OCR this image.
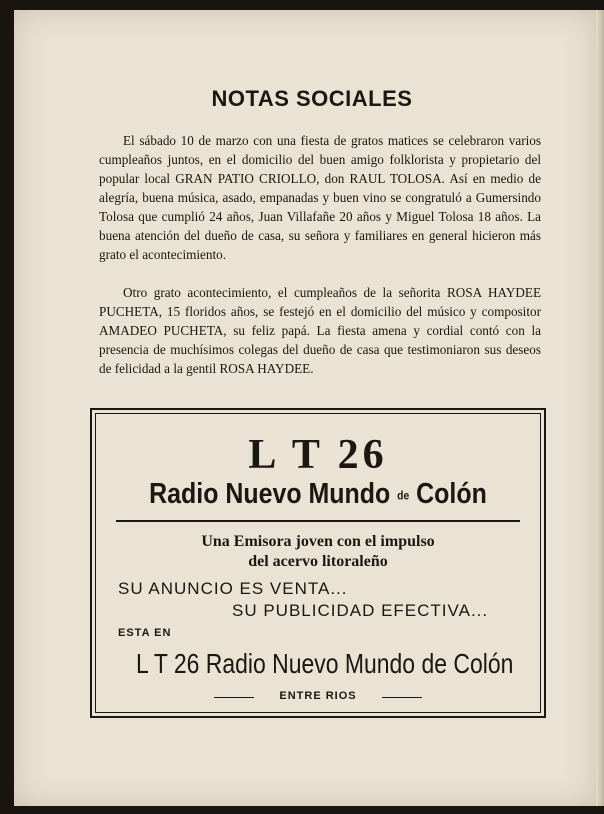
NOTAS SOCIALES

El sábado 10 de marzo con una fiesta de gratos matices se celebraron varios cumpleaños juntos, en el domicilio del buen amigo folklorista y propietario del popular local GRAN PATIO CRIOLLO, don RAUL TOLOSA. Así en medio de alegría, buena música, asado, empanadas y buen vino se congratuló a Gumersindo Tolosa que cumplió 24 años, Juan Villafañe 20 años y Miguel Tolosa 18 años. La buena atención del dueño de casa, su señora y familiares en general hicieron más grato el acontecimiento.

Otro grato acontecimiento, el cumpleaños de la señorita ROSA HAYDEE PUCHETA, 15 floridos años, se festejó en el domicilio del músico y compositor AMADEO PUCHETA, su feliz papá. La fiesta amena y cordial contó con la presencia de muchísimos colegas del dueño de casa que testimoniaron sus deseos de felicidad a la gentil ROSA HAYDEE.

L T 26
Radio Nuevo Mundo de Colón
Una Emisora joven con el impulso
del acervo litoraleño
SU ANUNCIO ES VENTA...
SU PUBLICIDAD EFECTIVA...
ESTA EN
L T 26 Radio Nuevo Mundo de Colón
ENTRE RIOS
